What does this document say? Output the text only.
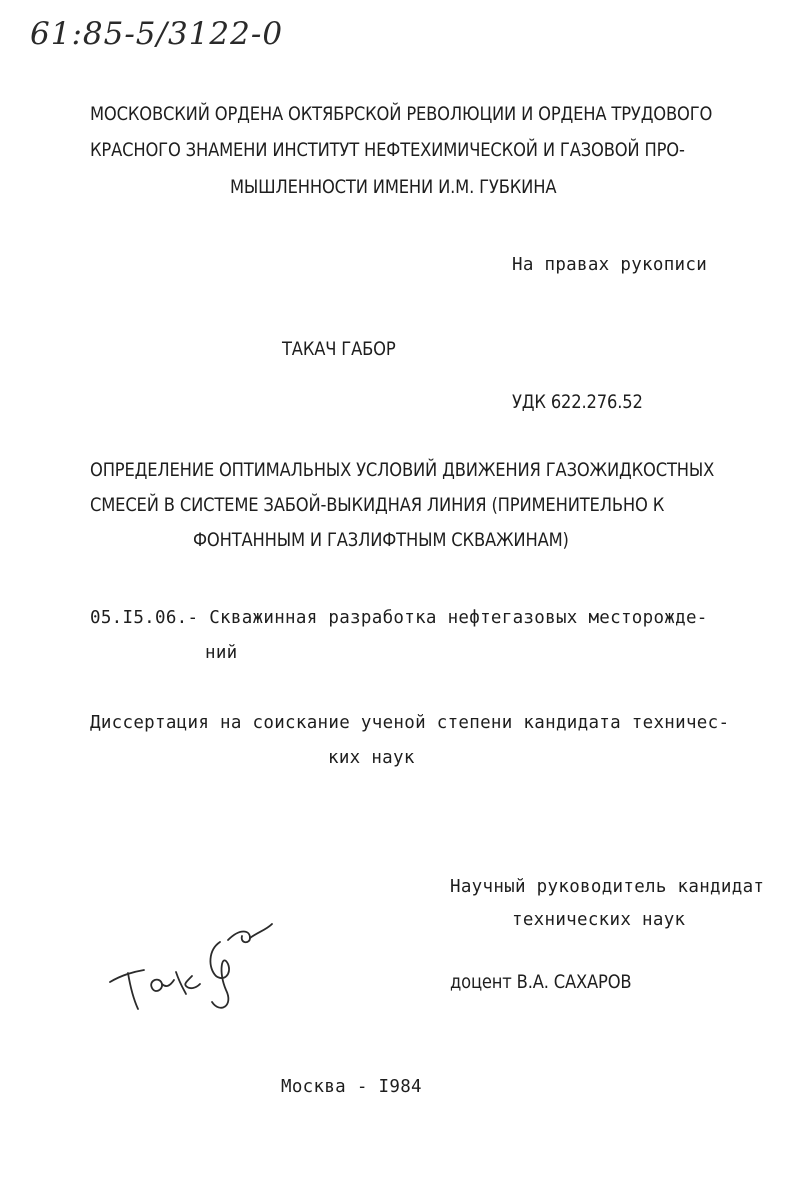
61:85-5/3122-0
МОСКОВСКИЙ ОРДЕНА ОКТЯБРСКОЙ РЕВОЛЮЦИИ И ОРДЕНА ТРУДОВОГО
КРАСНОГО ЗНАМЕНИ ИНСТИТУТ НЕФТЕХИМИЧЕСКОЙ И ГАЗОВОЙ ПРО-
МЫШЛЕННОСТИ ИМЕНИ И.М. ГУБКИНА
На правах рукописи
ТАКАЧ ГАБОР
УДК 622.276.52
ОПРЕДЕЛЕНИЕ ОПТИМАЛЬНЫХ УСЛОВИЙ ДВИЖЕНИЯ ГАЗОЖИДКОСТНЫХ
СМЕСЕЙ В СИСТЕМЕ ЗАБОЙ-ВЫКИДНАЯ ЛИНИЯ (ПРИМЕНИТЕЛЬНО К
ФОНТАННЫМ И ГАЗЛИФТНЫМ СКВАЖИНАМ)
05.I5.06.- Скважинная разработка нефтегазовых месторожде-
ний
Диссертация на соискание ученой степени кандидата техничес-
ких наук
Научный руководитель кандидат
технических наук
доцент В.А. САХАРОВ
Москва - I984
